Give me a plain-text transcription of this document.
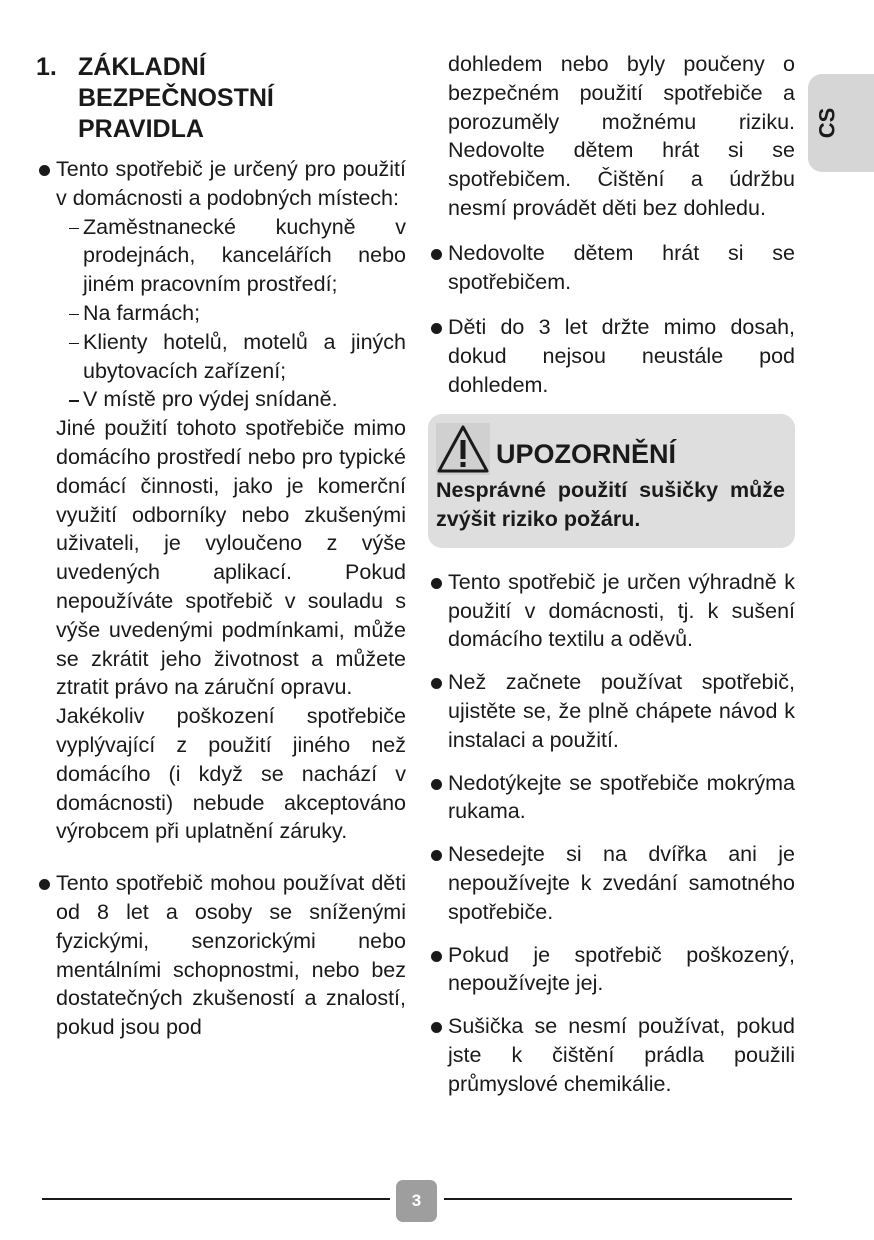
CS
1. ZÁKLADNÍ
BEZPEČNOSTNÍ
PRAVIDLA

Tento spotřebič je určený pro použití v domácnosti a podobných místech:

Zaměstnanecké kuchyně v prodejnách, kancelářích nebo jiném pracovním prostředí;

Na farmách;

Klienty hotelů, motelů a jiných ubytovacích zařízení;

V místě pro výdej snídaně.

Jiné použití tohoto spotřebiče mimo domácího prostředí nebo pro typické domácí činnosti, jako je komerční využití odborníky nebo zkušenými uživateli, je vyloučeno z výše uvedených aplikací. Pokud nepoužíváte spotřebič v souladu s výše uvedenými podmínkami, může se zkrátit jeho životnost a můžete ztratit právo na záruční opravu.

Jakékoliv poškození spotřebiče vyplývající z použití jiného než domácího (i když se nachází v domácnosti) nebude akceptováno výrobcem při uplatnění záruky.

Tento spotřebič mohou používat děti od 8 let a osoby se sníženými fyzickými, senzorickými nebo mentálními schopnostmi, nebo bez dostatečných zkušeností a znalostí, pokud jsou pod

dohledem nebo byly poučeny o bezpečném použití spotřebiče a porozuměly možnému riziku. Nedovolte dětem hrát si se spotřebičem. Čištění a údržbu nesmí provádět děti bez dohledu.

Nedovolte dětem hrát si se spotřebičem.

Děti do 3 let držte mimo dosah, dokud nejsou neustále pod dohledem.

UPOZORNĚNÍ
Nesprávné použití sušičky může zvýšit riziko požáru.

Tento spotřebič je určen výhradně k použití v domácnosti, tj. k sušení domácího textilu a oděvů.

Než začnete používat spotřebič, ujistěte se, že plně chápete návod k instalaci a použití.

Nedotýkejte se spotřebiče mokrýma rukama.

Nesedejte si na dvířka ani je nepoužívejte k zvedání samotného spotřebiče.

Pokud je spotřebič poškozený, nepoužívejte jej.

Sušička se nesmí používat, pokud jste k čištění prádla použili průmyslové chemikálie.

3
